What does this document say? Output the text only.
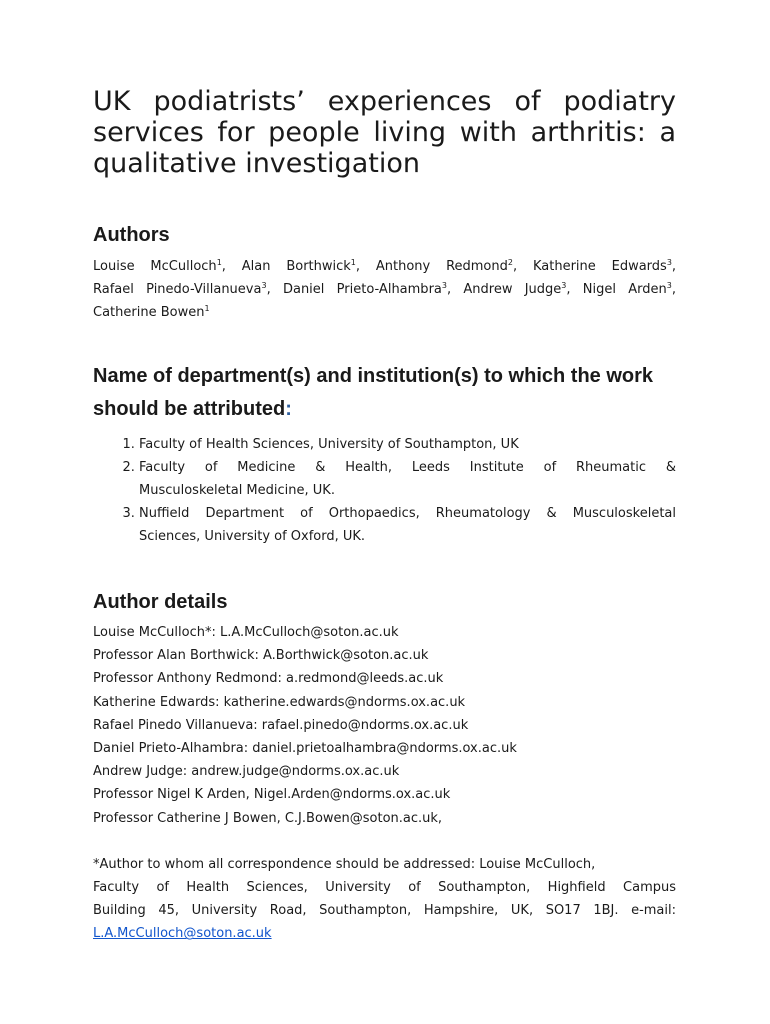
UK podiatrists’ experiences of podiatry
services for people living with arthritis: a
qualitative investigation
Authors
Louise McCulloch$^1$, Alan Borthwick$^1$, Anthony Redmond$^2$, Katherine Edwards$^3$,
Rafael Pinedo-Villanueva$^3$, Daniel Prieto-Alhambra$^3$, Andrew Judge$^3$, Nigel Arden$^3$,
Catherine Bowen$^1$
Name of department(s) and institution(s) to which the work should be attributed:
1. Faculty of Health Sciences, University of Southampton, UK
2. Faculty of Medicine & Health, Leeds Institute of Rheumatic &
Musculoskeletal Medicine, UK.
3. Nuffield Department of Orthopaedics, Rheumatology & Musculoskeletal
Sciences, University of Oxford, UK.
Author details
Louise McCulloch*: L.A.McCulloch@soton.ac.uk
Professor Alan Borthwick: A.Borthwick@soton.ac.uk
Professor Anthony Redmond: a.redmond@leeds.ac.uk
Katherine Edwards: katherine.edwards@ndorms.ox.ac.uk
Rafael Pinedo Villanueva: rafael.pinedo@ndorms.ox.ac.uk
Daniel Prieto-Alhambra: daniel.prietoalhambra@ndorms.ox.ac.uk
Andrew Judge: andrew.judge@ndorms.ox.ac.uk
Professor Nigel K Arden, Nigel.Arden@ndorms.ox.ac.uk
Professor Catherine J Bowen, C.J.Bowen@soton.ac.uk,
*Author to whom all correspondence should be addressed: Louise McCulloch,
Faculty of Health Sciences, University of Southampton, Highfield Campus
Building 45, University Road, Southampton, Hampshire, UK, SO17 1BJ. e-mail:
L.A.McCulloch@soton.ac.uk
